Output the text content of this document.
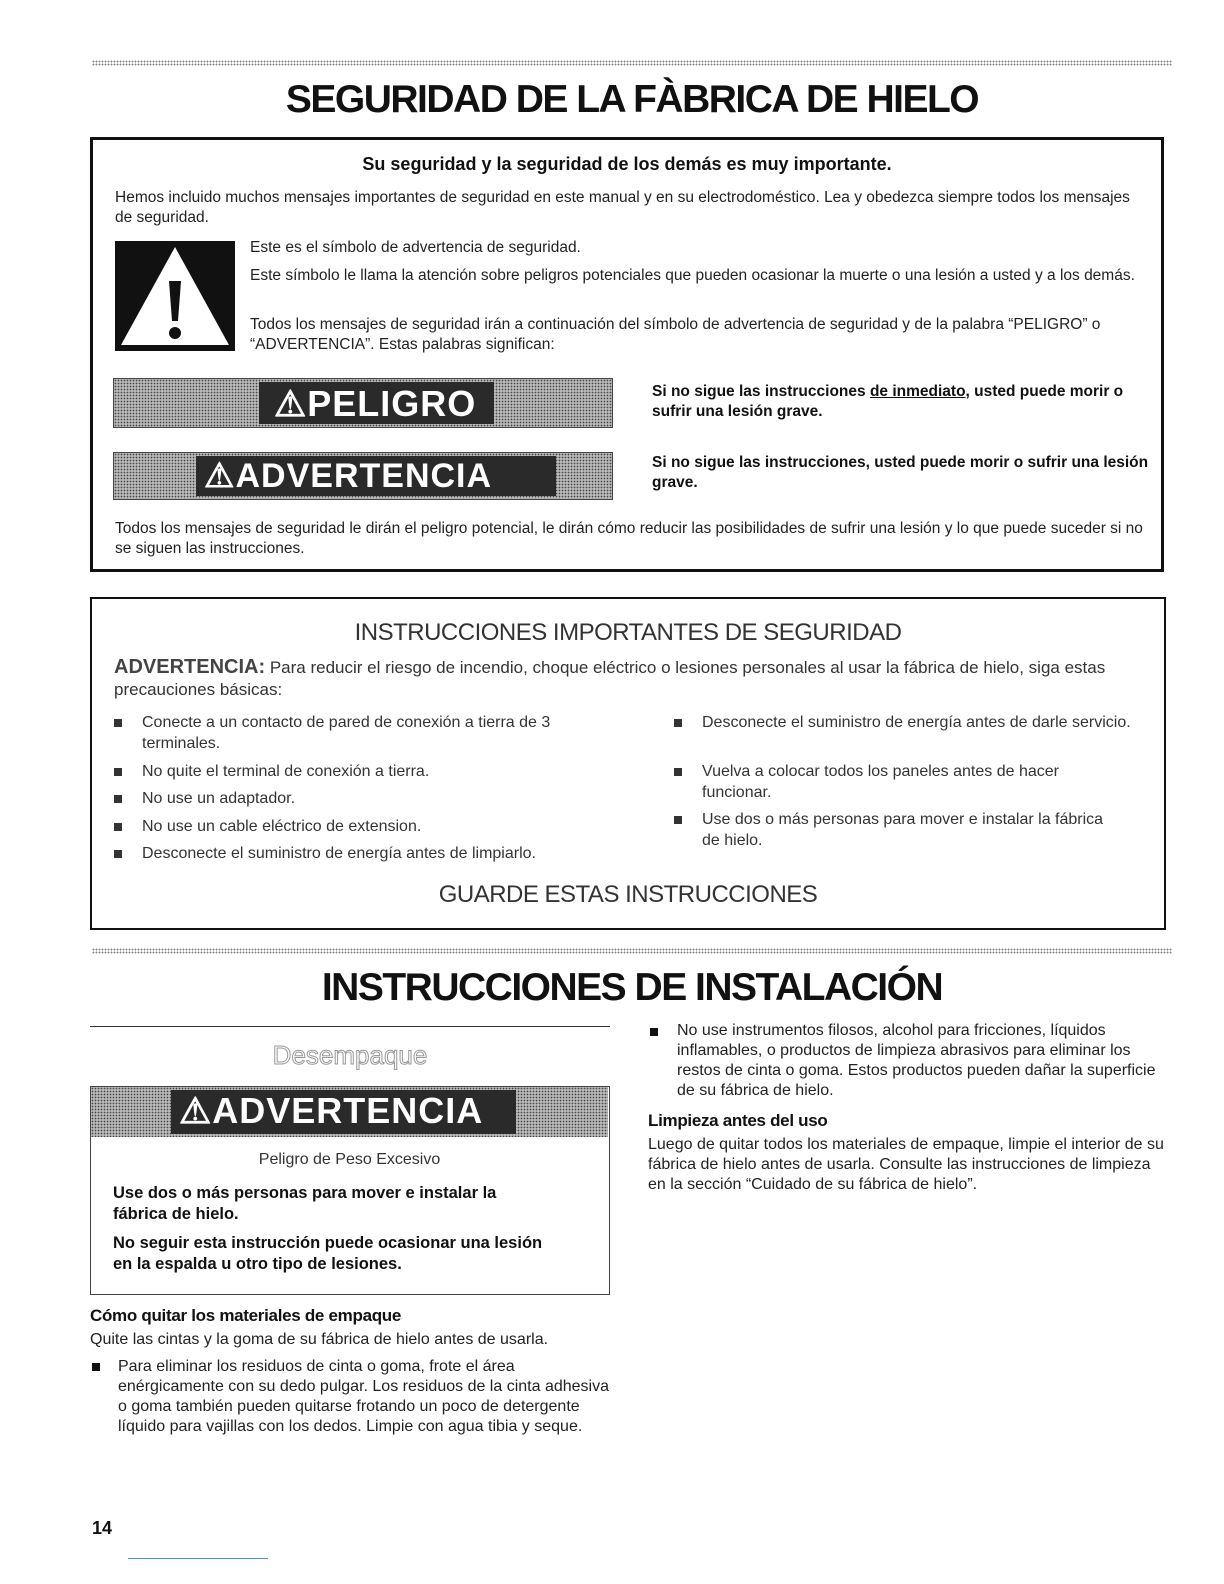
SEGURIDAD DE LA FÀBRICA DE HIELO
Su seguridad y la seguridad de los demás es muy importante.
Hemos incluido muchos mensajes importantes de seguridad en este manual y en su electrodoméstico. Lea y obedezca siempre todos los mensajes de seguridad.
Este es el símbolo de advertencia de seguridad.
Este símbolo le llama la atención sobre peligros potenciales que pueden ocasionar la muerte o una lesión a usted y a los demás.
Todos los mensajes de seguridad irán a continuación del símbolo de advertencia de seguridad y de la palabra “PELIGRO” o “ADVERTENCIA”. Estas palabras significan:
⚠PELIGRO	Si no sigue las instrucciones de inmediato, usted puede morir o sufrir una lesión grave.
⚠ADVERTENCIA	Si no sigue las instrucciones, usted puede morir o sufrir una lesión grave.
Todos los mensajes de seguridad le dirán el peligro potencial, le dirán cómo reducir las posibilidades de sufrir una lesión y lo que puede suceder si no se siguen las instrucciones.
INSTRUCCIONES IMPORTANTES DE SEGURIDAD
ADVERTENCIA: Para reducir el riesgo de incendio, choque eléctrico o lesiones personales al usar la fábrica de hielo, siga estas precauciones básicas:
Conecte a un contacto de pared de conexión a tierra de 3 terminales.
No quite el terminal de conexión a tierra.
No use un adaptador.
No use un cable eléctrico de extension.
Desconecte el suministro de energía antes de limpiarlo.
Desconecte el suministro de energía antes de darle servicio.
Vuelva a colocar todos los paneles antes de hacer funcionar.
Use dos o más personas para mover e instalar la fábrica de hielo.
GUARDE ESTAS INSTRUCCIONES
INSTRUCCIONES DE INSTALACIÓN
Desempaque
⚠ADVERTENCIA
Peligro de Peso Excesivo
Use dos o más personas para mover e instalar la fábrica de hielo.
No seguir esta instrucción puede ocasionar una lesión en la espalda u otro tipo de lesiones.
Cómo quitar los materiales de empaque
Quite las cintas y la goma de su fábrica de hielo antes de usarla.
Para eliminar los residuos de cinta o goma, frote el área enérgicamente con su dedo pulgar. Los residuos de la cinta adhesiva o goma también pueden quitarse frotando un poco de detergente líquido para vajillas con los dedos. Limpie con agua tibia y seque.
No use instrumentos filosos, alcohol para fricciones, líquidos inflamables, o productos de limpieza abrasivos para eliminar los restos de cinta o goma. Estos productos pueden dañar la superficie de su fábrica de hielo.
Limpieza antes del uso
Luego de quitar todos los materiales de empaque, limpie el interior de su fábrica de hielo antes de usarla. Consulte las instrucciones de limpieza en la sección “Cuidado de su fábrica de hielo”.
14
